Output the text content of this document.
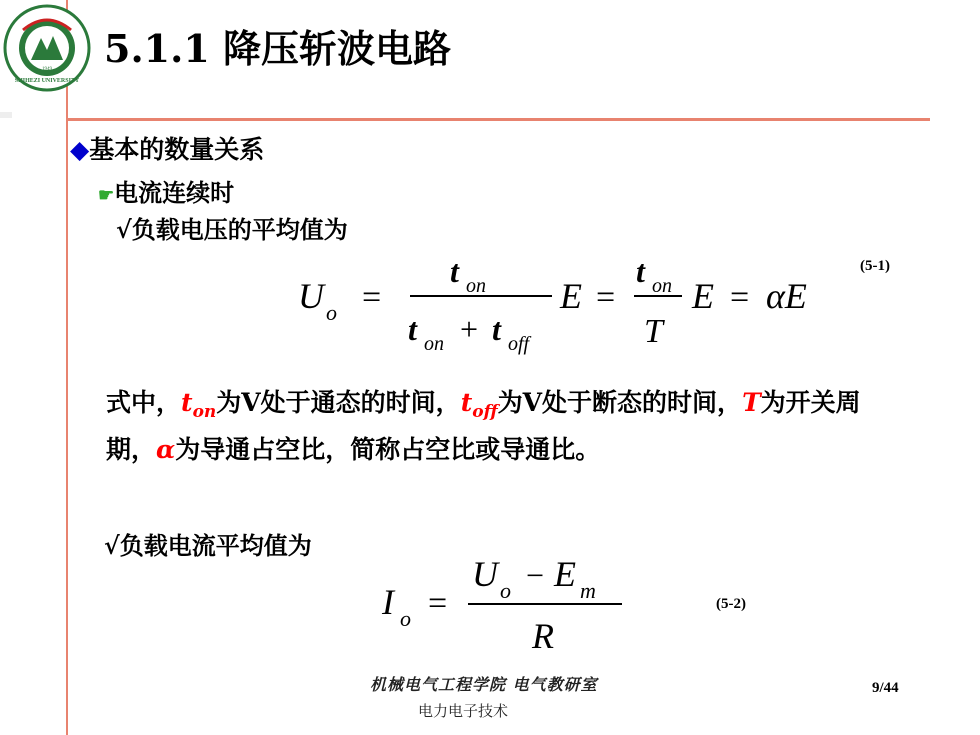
SHIHEZI UNIVERSITY
1949 5.1.1 降压斩波电路
◆基本的数量关系
☛电流连续时
√负载电压的平均值为
U o =
t on
t on + t off
E =
t on
T
E = αE
(5-1)
式中，$t_{on}$为V处于通态的时间，$t_{off}$为V处于断态的时间，T为开关周期，α为导通占空比，简称占空比或导通比。
√负载电流平均值为
I o =
U o − E m
R
(5-2)
机械电气工程学院 电气教研室
电力电子技术
9/44
